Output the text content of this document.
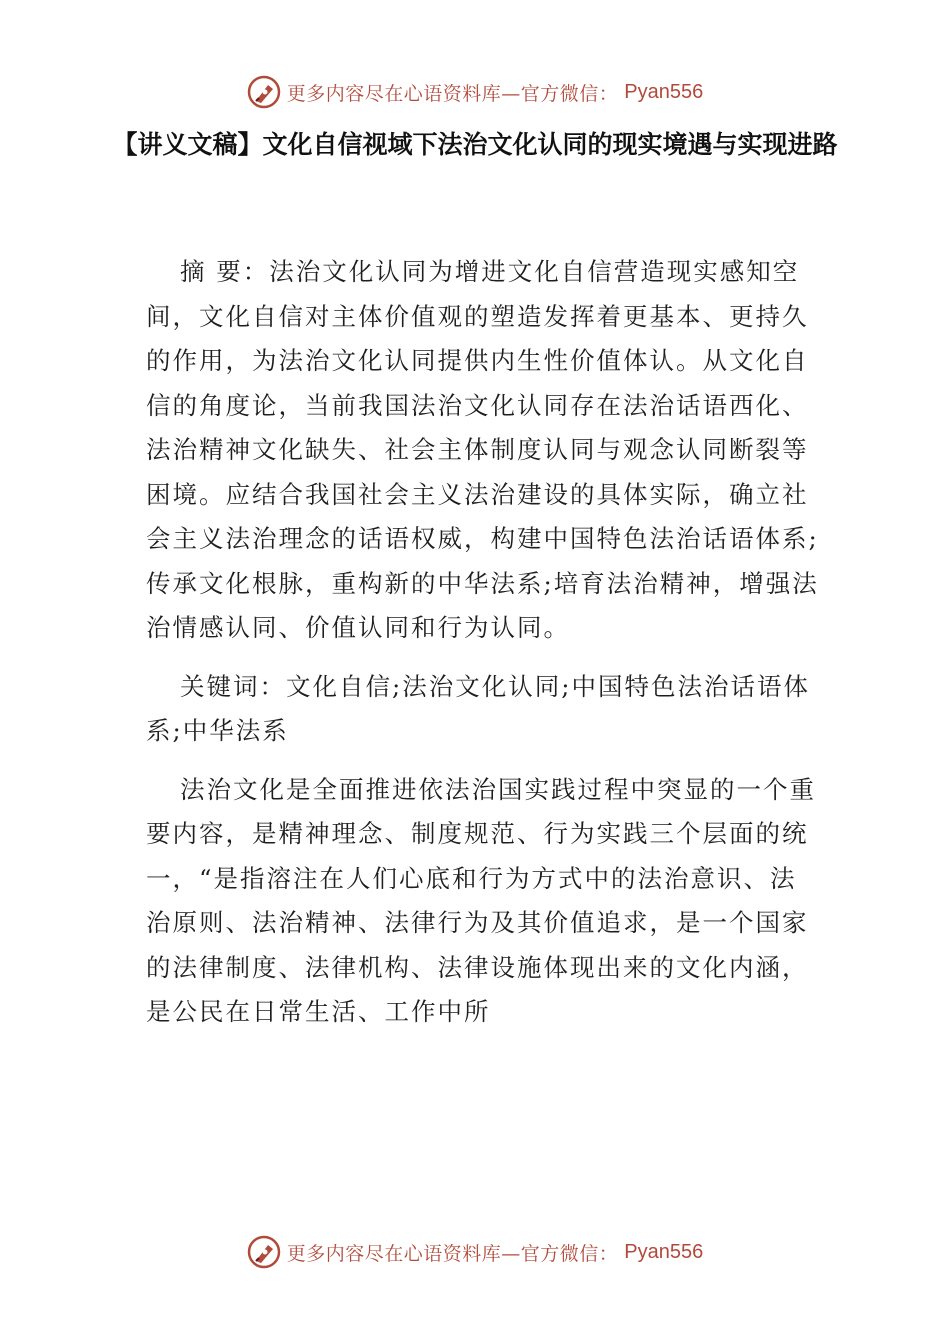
更多内容尽在心语资料库—官方微信： Pyan556
【讲义文稿】文化自信视域下法治文化认同的现实境遇与实现进路

摘 要：法治文化认同为增进文化自信营造现实感知空间，文化自信对主体价值观的塑造发挥着更基本、更持久的作用，为法治文化认同提供内生性价值体认。从文化自信的角度论，当前我国法治文化认同存在法治话语西化、法治精神文化缺失、社会主体制度认同与观念认同断裂等困境。应结合我国社会主义法治建设的具体实际，确立社会主义法治理念的话语权威，构建中国特色法治话语体系;传承文化根脉，重构新的中华法系;培育法治精神，增强法治情感认同、价值认同和行为认同。

关键词：文化自信;法治文化认同;中国特色法治话语体系;中华法系

法治文化是全面推进依法治国实践过程中突显的一个重要内容，是精神理念、制度规范、行为实践三个层面的统一，“是指溶注在人们心底和行为方式中的法治意识、法治原则、法治精神、法律行为及其价值追求，是一个国家的法律制度、法律机构、法律设施体现出来的文化内涵，是公民在日常生活、工作中所

更多内容尽在心语资料库—官方微信： Pyan556
